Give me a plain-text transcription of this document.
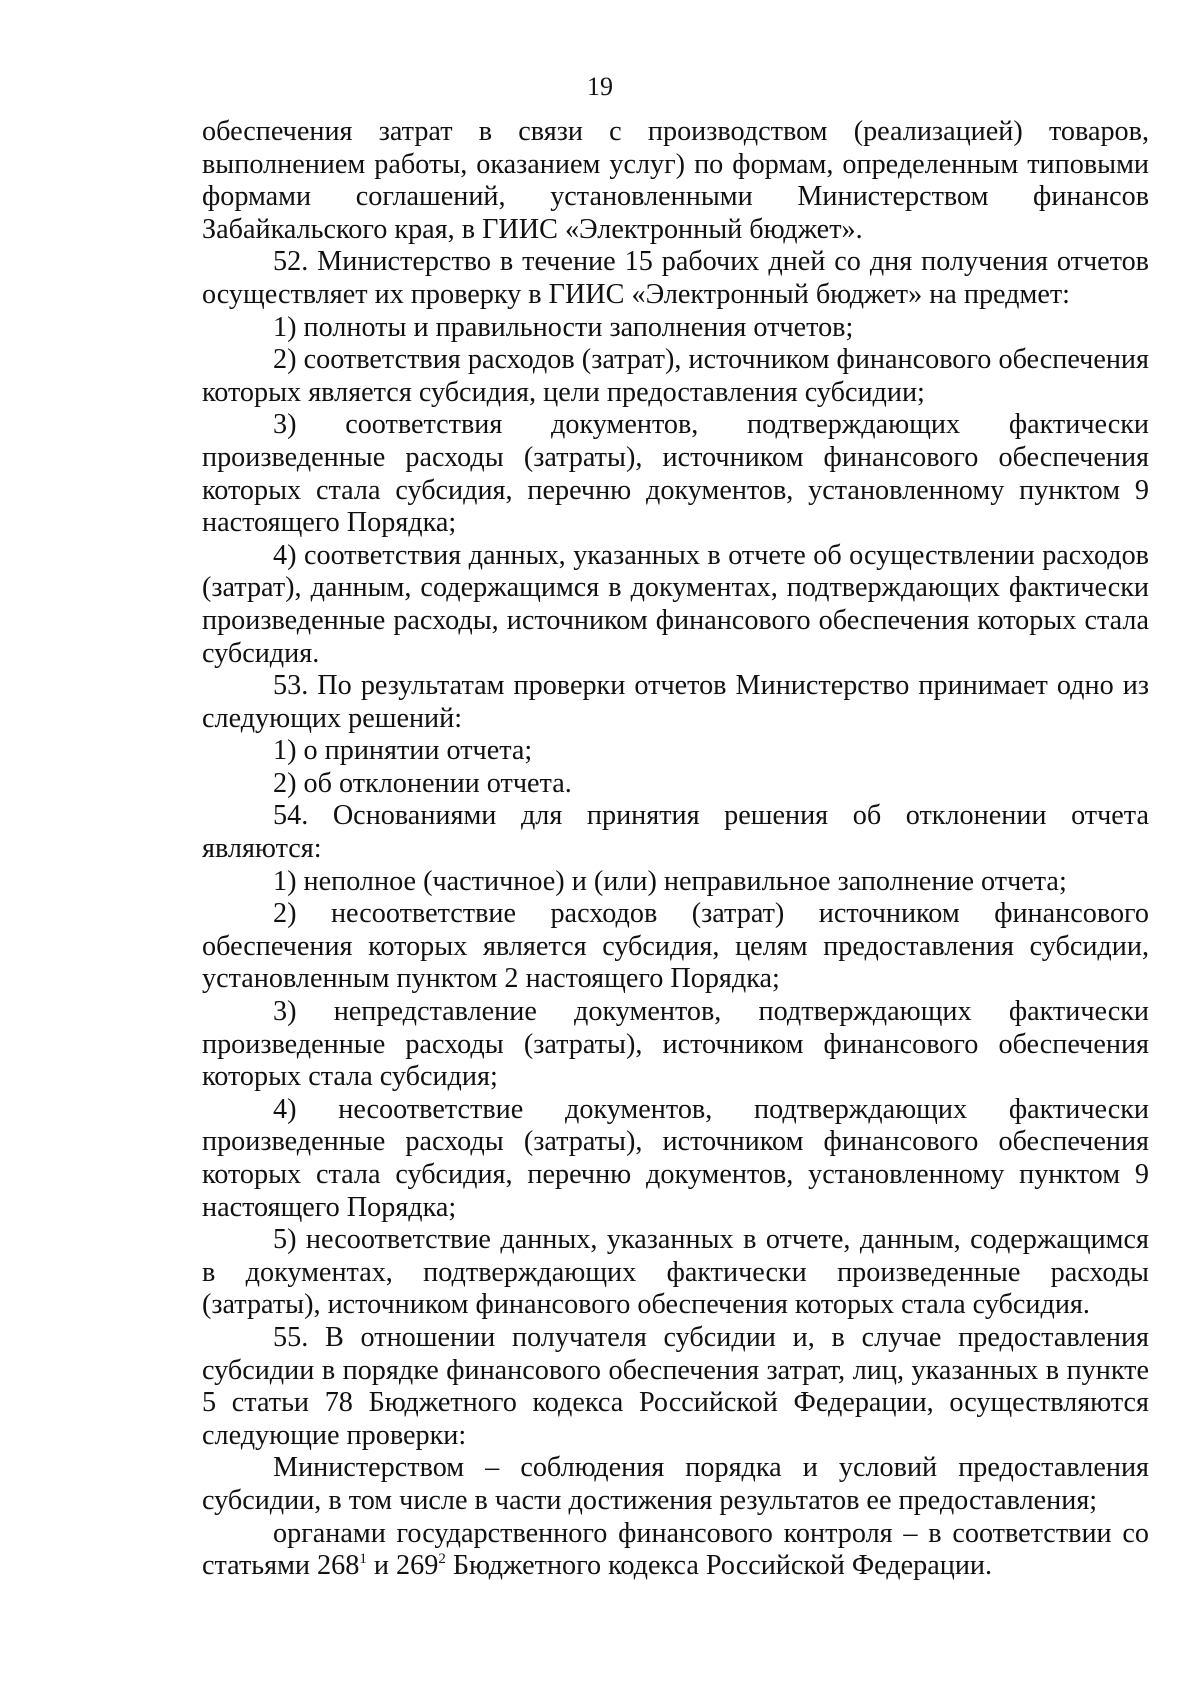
19

обеспечения затрат в связи с производством (реализацией) товаров, выполнением работы, оказанием услуг) по формам, определенным типовыми формами соглашений, установленными Министерством финансов Забайкальского края, в ГИИС «Электронный бюджет».

52. Министерство в течение 15 рабочих дней со дня получения отчетов осуществляет их проверку в ГИИС «Электронный бюджет» на предмет:

1) полноты и правильности заполнения отчетов;

2) соответствия расходов (затрат), источником финансового обеспечения которых является субсидия, цели предоставления субсидии;

3) соответствия документов, подтверждающих фактически произведенные расходы (затраты), источником финансового обеспечения которых стала субсидия, перечню документов, установленному пунктом 9 настоящего Порядка;

4) соответствия данных, указанных в отчете об осуществлении расходов (затрат), данным, содержащимся в документах, подтверждающих фактически произведенные расходы, источником финансового обеспечения которых стала субсидия.

53. По результатам проверки отчетов Министерство принимает одно из следующих решений:

1) о принятии отчета;

2) об отклонении отчета.

54. Основаниями для принятия решения об отклонении отчета являются:

1) неполное (частичное) и (или) неправильное заполнение отчета;

2) несоответствие расходов (затрат) источником финансового обеспечения которых является субсидия, целям предоставления субсидии, установленным пунктом 2 настоящего Порядка;

3) непредставление документов, подтверждающих фактически произведенные расходы (затраты), источником финансового обеспечения которых стала субсидия;

4) несоответствие документов, подтверждающих фактически произведенные расходы (затраты), источником финансового обеспечения которых стала субсидия, перечню документов, установленному пунктом 9 настоящего Порядка;

5) несоответствие данных, указанных в отчете, данным, содержащимся в документах, подтверждающих фактически произведенные расходы (затраты), источником финансового обеспечения которых стала субсидия.

55. В отношении получателя субсидии и, в случае предоставления субсидии в порядке финансового обеспечения затрат, лиц, указанных в пункте 5 статьи 78 Бюджетного кодекса Российской Федерации, осуществляются следующие проверки:

Министерством – соблюдения порядка и условий предоставления субсидии, в том числе в части достижения результатов ее предоставления;

органами государственного финансового контроля – в соответствии со статьями $268^1$ и $269^2$ Бюджетного кодекса Российской Федерации.
